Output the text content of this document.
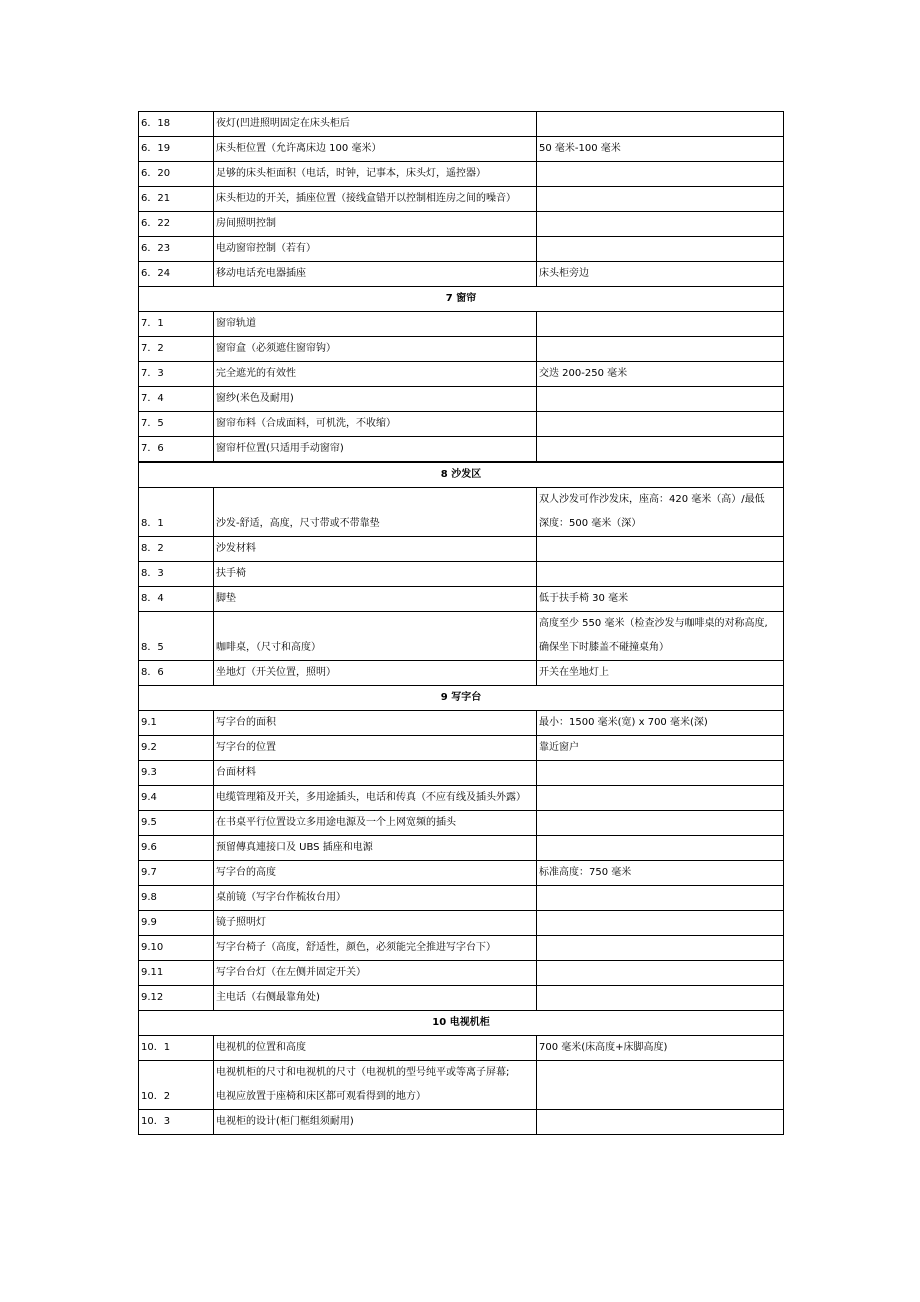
6．18	夜灯(凹进照明固定在床头柜后	
6．19	床头柜位置（允许离床边 100 毫米）	50 毫米-100 毫米
6．20	足够的床头柜面积（电话，时钟，记事本，床头灯，遥控器）	
6．21	床头柜边的开关，插座位置（接线盒错开以控制相连房之间的噪音）	
6．22	房间照明控制	
6．23	电动窗帘控制（若有）	
6．24	移动电话充电器插座	床头柜旁边
7 窗帘		
7．1	窗帘轨道	
7．2	窗帘盒（必须遮住窗帘钩）	
7．3	完全遮光的有效性	交迭 200-250 毫米
7．4	窗纱(米色及耐用)	
7．5	窗帘布料（合成面料，可机洗，不收缩）	
7．6	窗帘杆位置(只适用手动窗帘)	

8 沙发区		
8．1	沙发-舒适，高度，尺寸带或不带靠垫	双人沙发可作沙发床，座高：420 毫米（高）/最低
深度：500 毫米（深）

8．2	沙发材料	
8．3	扶手椅	
8．4	脚垫	低于扶手椅 30 毫米
8．5	咖啡桌，（尺寸和高度）	高度至少 550 毫米（检查沙发与咖啡桌的对称高度,
确保坐下时膝盖不碰撞桌角）

8．6	坐地灯（开关位置，照明）	开关在坐地灯上
9 写字台		
9.1	写字台的面积	最小：1500 毫米(宽) x 700 毫米(深)
9.2	写字台的位置	靠近窗户
9.3	台面材料	
9.4	电缆管理箱及开关，多用途插头，电话和传真（不应有线及插头外露）	
9.5	在书桌平行位置设立多用途电源及一个上网宽频的插头	
9.6	预留傳真連接口及 UBS 插座和电源	
9.7	写字台的高度	标准高度：750 毫米
9.8	桌前镜（写字台作梳妆台用）	
9.9	镜子照明灯	
9.10	写字台椅子（高度，舒适性，颜色，必须能完全推进写字台下）	
9.11	写字台台灯（在左侧并固定开关）	
9.12	主电话（右侧最靠角处)	
10 电视机柜		
10．1	电视机的位置和高度	700 毫米(床高度+床脚高度)
10．2	电视机柜的尺寸和电视机的尺寸（电视机的型号纯平或等离子屏幕;
电视应放置于座椅和床区都可观看得到的地方）	

10．3	电视柜的设计(柜门框组须耐用)	
